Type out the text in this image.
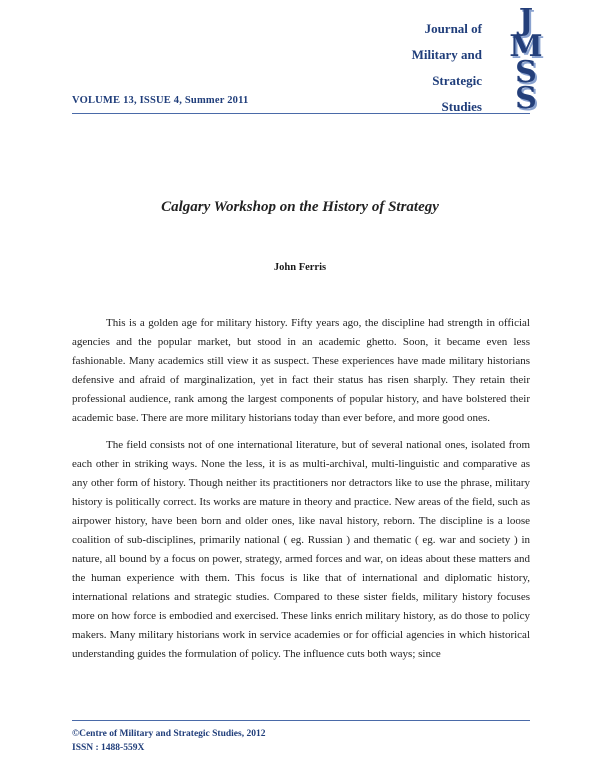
VOLUME 13, ISSUE 4, Summer 2011
Journal of
Military and
Strategic
Studies
J
M
S
S
Calgary Workshop on the History of Strategy
John Ferris

This is a golden age for military history. Fifty years ago, the discipline had strength in official agencies and the popular market, but stood in an academic ghetto. Soon, it became even less fashionable. Many academics still view it as suspect. These experiences have made military historians defensive and afraid of marginalization, yet in fact their status has risen sharply. They retain their professional audience, rank among the largest components of popular history, and have bolstered their academic base. There are more military historians today than ever before, and more good ones.

The field consists not of one international literature, but of several national ones, isolated from each other in striking ways. None the less, it is as multi-archival, multi-linguistic and comparative as any other form of history. Though neither its practitioners nor detractors like to use the phrase, military history is politically correct. Its works are mature in theory and practice. New areas of the field, such as airpower history, have been born and older ones, like naval history, reborn. The discipline is a loose coalition of sub-disciplines, primarily national ( eg. Russian ) and thematic ( eg. war and society ) in nature, all bound by a focus on power, strategy, armed forces and war, on ideas about these matters and the human experience with them. This focus is like that of international and diplomatic history, international relations and strategic studies. Compared to these sister fields, military history focuses more on how force is embodied and exercised. These links enrich military history, as do those to policy makers. Many military historians work in service academies or for official agencies in which historical understanding guides the formulation of policy. The influence cuts both ways; since

©Centre of Military and Strategic Studies, 2012
ISSN : 1488-559X
